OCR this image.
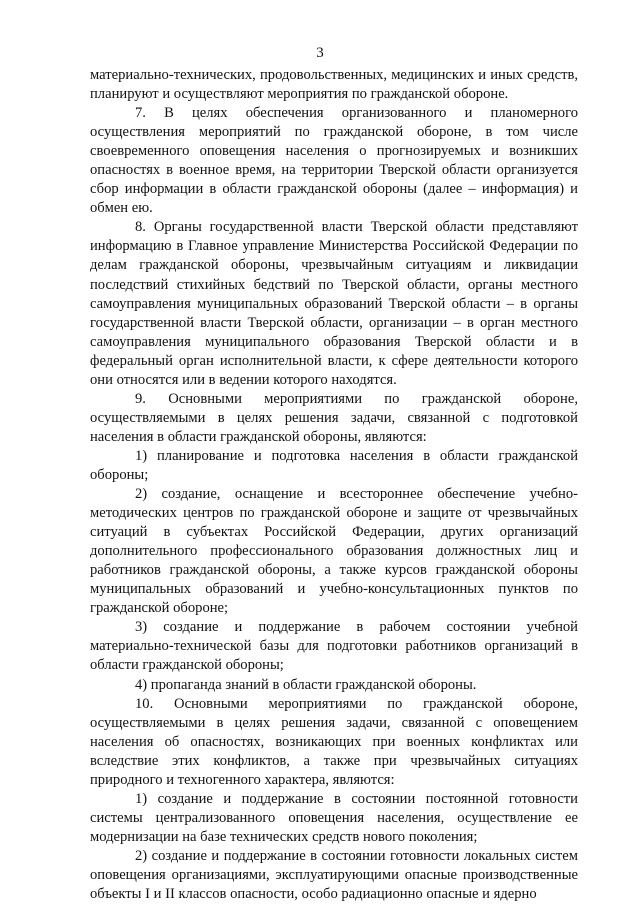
3

материально-технических, продовольственных, медицинских и иных средств, планируют и осуществляют мероприятия по гражданской обороне.

7. В целях обеспечения организованного и планомерного осуществления мероприятий по гражданской обороне, в том числе своевременного оповещения населения о прогнозируемых и возникших опасностях в военное время, на территории Тверской области организуется сбор информации в области гражданской обороны (далее – информация) и обмен ею.

8. Органы государственной власти Тверской области представляют информацию в Главное управление Министерства Российской Федерации по делам гражданской обороны, чрезвычайным ситуациям и ликвидации последствий стихийных бедствий по Тверской области, органы местного самоуправления муниципальных образований Тверской области – в органы государственной власти Тверской области, организации – в орган местного самоуправления муниципального образования Тверской области и в федеральный орган исполнительной власти, к сфере деятельности которого они относятся или в ведении которого находятся.

9. Основными мероприятиями по гражданской обороне, осуществляемыми в целях решения задачи, связанной с подготовкой населения в области гражданской обороны, являются:

1) планирование и подготовка населения в области гражданской обороны;

2) создание, оснащение и всестороннее обеспечение учебно-методических центров по гражданской обороне и защите от чрезвычайных ситуаций в субъектах Российской Федерации, других организаций дополнительного профессионального образования должностных лиц и работников гражданской обороны, а также курсов гражданской обороны муниципальных образований и учебно-консультационных пунктов по гражданской обороне;

3) создание и поддержание в рабочем состоянии учебной материально-технической базы для подготовки работников организаций в области гражданской обороны;

4) пропаганда знаний в области гражданской обороны.

10. Основными мероприятиями по гражданской обороне, осуществляемыми в целях решения задачи, связанной с оповещением населения об опасностях, возникающих при военных конфликтах или вследствие этих конфликтов, а также при чрезвычайных ситуациях природного и техногенного характера, являются:

1) создание и поддержание в состоянии постоянной готовности системы централизованного оповещения населения, осуществление ее модернизации на базе технических средств нового поколения;

2) создание и поддержание в состоянии готовности локальных систем оповещения организациями, эксплуатирующими опасные производственные объекты I и II классов опасности, особо радиационно опасные и ядерно
